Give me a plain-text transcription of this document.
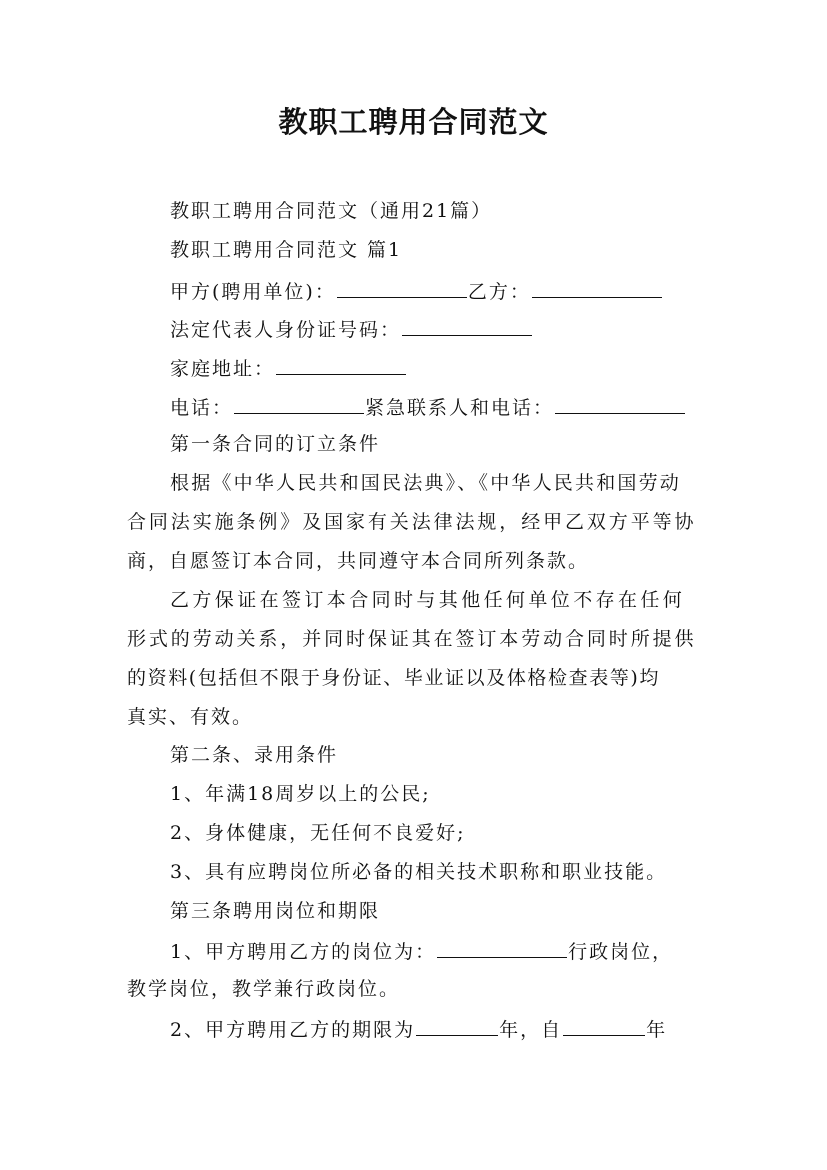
教职工聘用合同范文
教职工聘用合同范文（通用21篇）
教职工聘用合同范文 篇1
甲方(聘用单位)：	乙方：
法定代表人身份证号码：
家庭地址：
电话：	紧急联系人和电话：
第一条合同的订立条件
根据《中华人民共和国民法典》、《中华人民共和国劳动
合同法实施条例》及国家有关法律法规，经甲乙双方平等协
商，自愿签订本合同，共同遵守本合同所列条款。
乙方保证在签订本合同时与其他任何单位不存在任何
形式的劳动关系，并同时保证其在签订本劳动合同时所提供
的资料(包括但不限于身份证、毕业证以及体格检查表等)均
真实、有效。
第二条、录用条件
1、年满18周岁以上的公民;
2、身体健康，无任何不良爱好;
3、具有应聘岗位所必备的相关技术职称和职业技能。
第三条聘用岗位和期限
1、甲方聘用乙方的岗位为：	行政岗位，
教学岗位，教学兼行政岗位。
2、甲方聘用乙方的期限为	年，自	年
